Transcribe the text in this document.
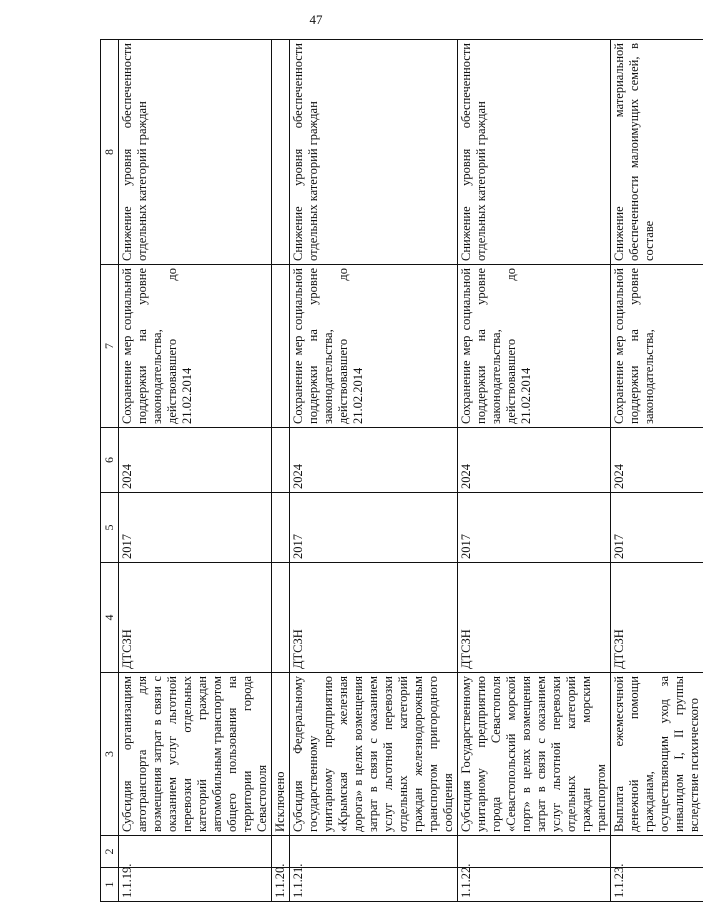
47
1	2	3	4	5	6	7	8
1.1.19.		Субсидия организациям автотранспорта для возмещения затрат в связи с оказанием услуг льготной перевозки отдельных категорий граждан автомобильным транспортом общего пользования на территории города Севастополя	ДТСЗН	2017	2024	Сохранение мер социальной поддержки на уровне законодательства, действовавшего до 21.02.2014	Снижение уровня обеспеченности отдельных категорий граждан
1.1.20.		Исключено					
1.1.21.		Субсидия Федеральному государственному унитарному предприятию «Крымская железная дорога» в целях возмещения затрат в связи с оказанием услуг льготной перевозки отдельных категорий граждан железнодорожным транспортом пригородного сообщения	ДТСЗН	2017	2024	Сохранение мер социальной поддержки на уровне законодательства, действовавшего до 21.02.2014	Снижение уровня обеспеченности отдельных категорий граждан
1.1.22.		Субсидия Государственному унитарному предприятию города Севастополя «Севастопольский морской порт» в целях возмещения затрат в связи с оказанием услуг льготной перевозки отдельных категорий граждан морским транспортом	ДТСЗН	2017	2024	Сохранение мер социальной поддержки на уровне законодательства, действовавшего до 21.02.2014	Снижение уровня обеспеченности отдельных категорий граждан
1.1.23.		Выплата ежемесячной денежной помощи гражданам, осуществляющим уход за инвалидом I, II группы вследствие психического	ДТСЗН	2017	2024	Сохранение мер социальной поддержки на уровне законодательства,	Снижение материальной обеспеченности малоимущих семей, в составе
